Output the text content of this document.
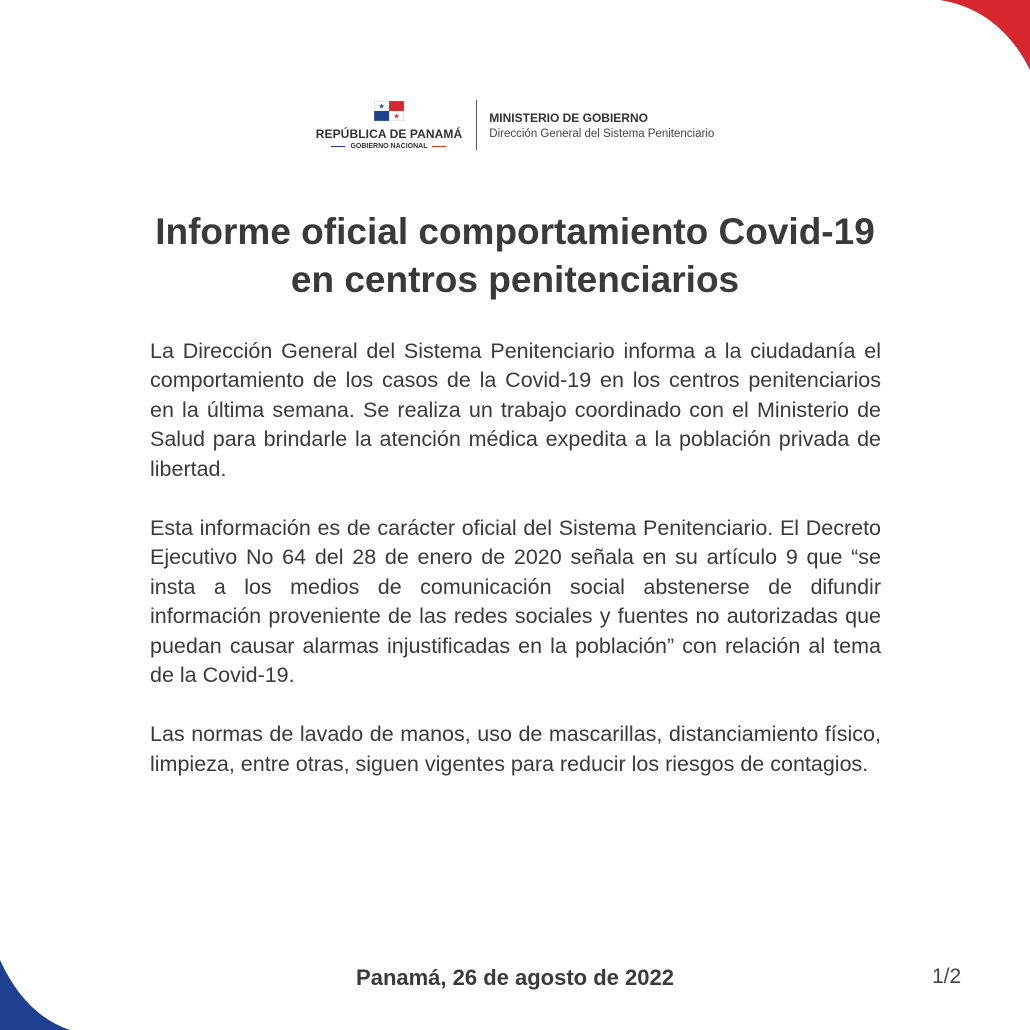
REPÚBLICA DE PANAMÁ
GOBIERNO NACIONAL
MINISTERIO DE GOBIERNO
Dirección General del Sistema Penitenciario
Informe oficial comportamiento Covid-19
en centros penitenciarios

La Dirección General del Sistema Penitenciario informa a la ciudadanía el comportamiento de los casos de la Covid-19 en los centros penitenciarios en la última semana. Se realiza un trabajo coordinado con el Ministerio de Salud para brindarle la atención médica expedita a la población privada de libertad.

Esta información es de carácter oficial del Sistema Penitenciario. El Decreto Ejecutivo No 64 del 28 de enero de 2020 señala en su artículo 9 que “se insta a los medios de comunicación social abstenerse de difundir información proveniente de las redes sociales y fuentes no autorizadas que puedan causar alarmas injustificadas en la población” con relación al tema de la Covid-19.

Las normas de lavado de manos, uso de mascarillas, distanciamiento físico, limpieza, entre otras, siguen vigentes para reducir los riesgos de contagios.

Panamá, 26 de agosto de 2022	1/2
